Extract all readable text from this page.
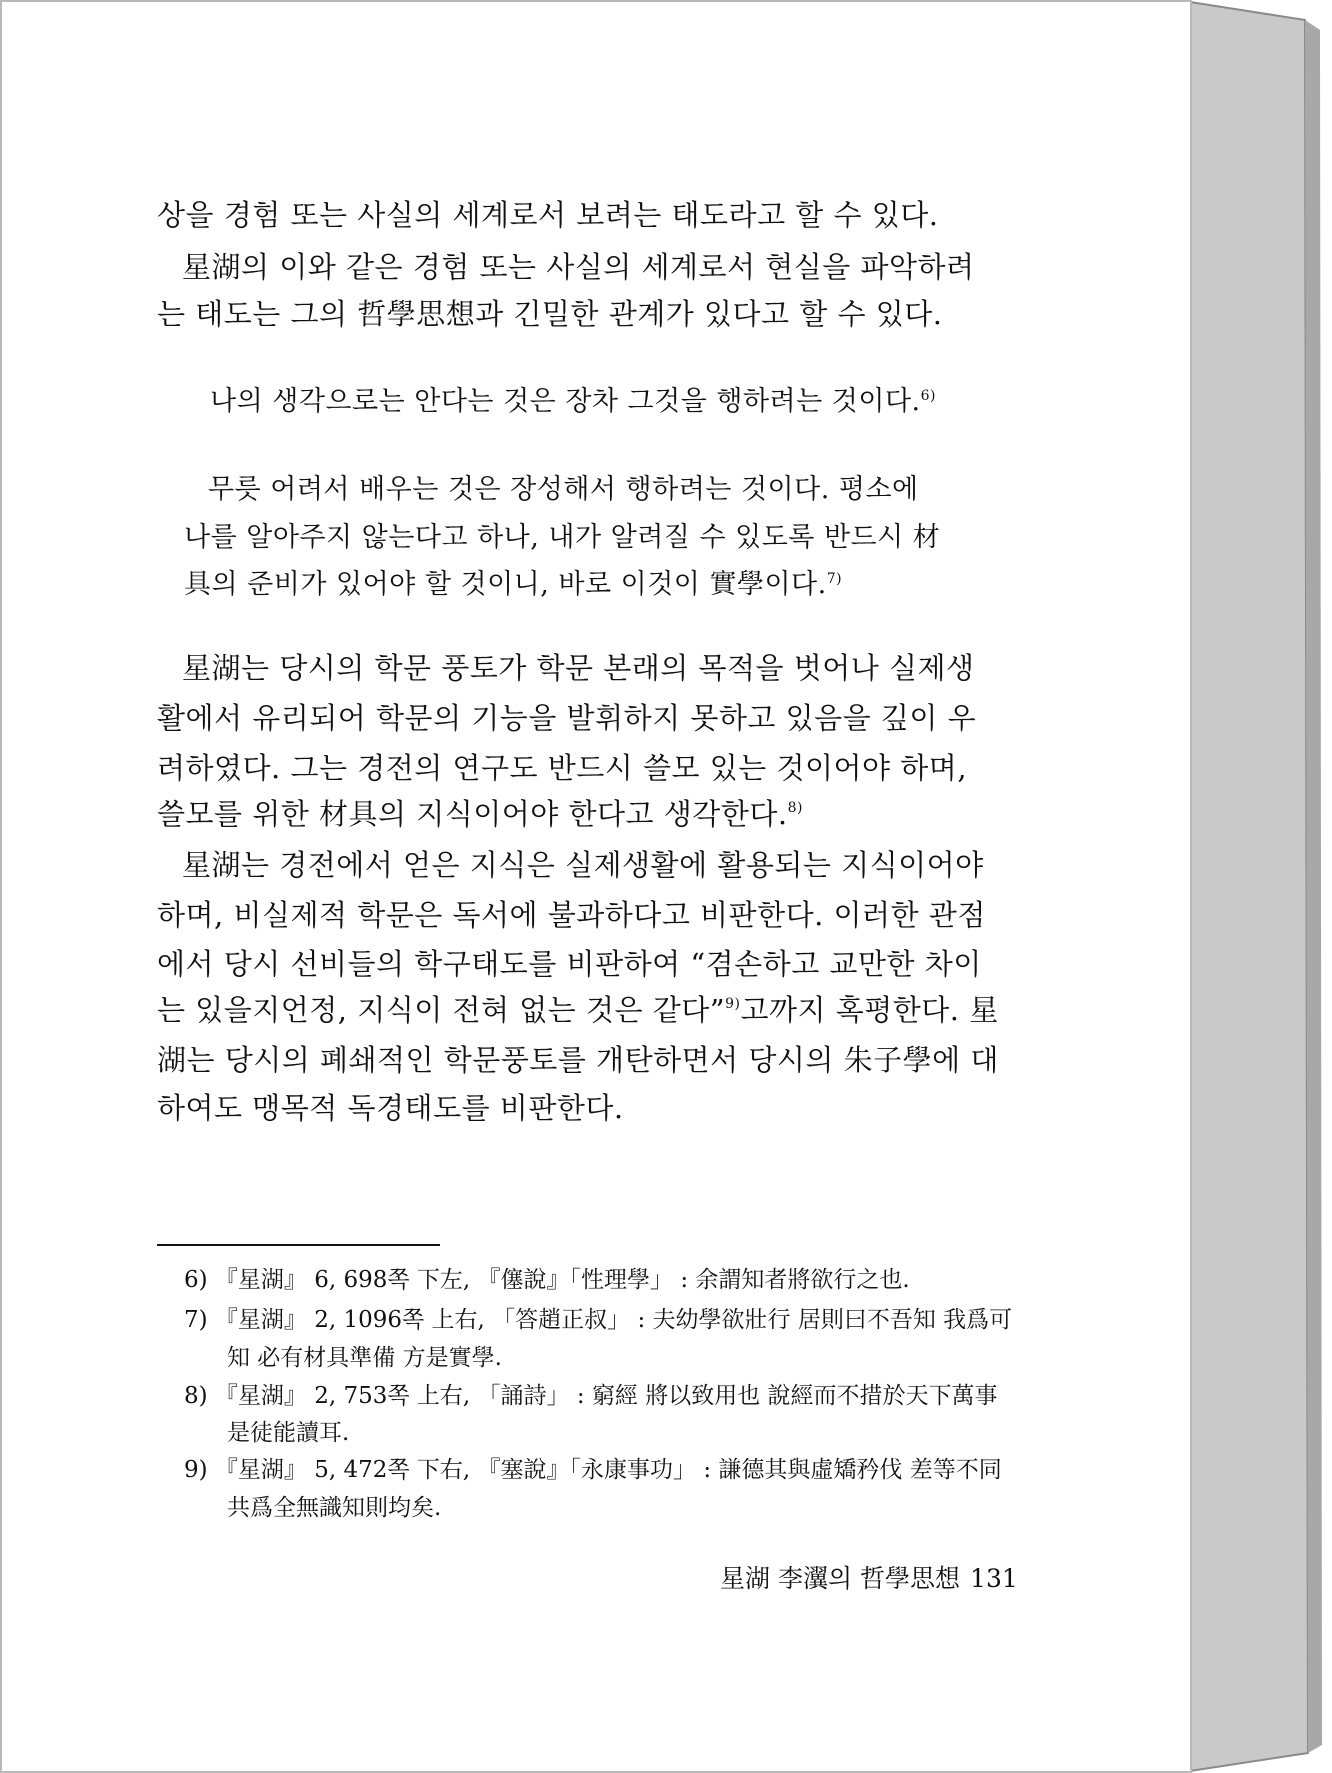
상을 경험 또는 사실의 세계로서 보려는 태도라고 할 수 있다.
星湖의 이와 같은 경험 또는 사실의 세계로서 현실을 파악하려
는 태도는 그의 哲學思想과 긴밀한 관계가 있다고 할 수 있다.
나의 생각으로는 안다는 것은 장차 그것을 행하려는 것이다.$^{6)}$
무릇 어려서 배우는 것은 장성해서 행하려는 것이다. 평소에
나를 알아주지 않는다고 하나, 내가 알려질 수 있도록 반드시 材
具의 준비가 있어야 할 것이니, 바로 이것이 實學이다.$^{7)}$
星湖는 당시의 학문 풍토가 학문 본래의 목적을 벗어나 실제생
활에서 유리되어 학문의 기능을 발휘하지 못하고 있음을 깊이 우
려하였다. 그는 경전의 연구도 반드시 쓸모 있는 것이어야 하며,
쓸모를 위한 材具의 지식이어야 한다고 생각한다.$^{8)}$
星湖는 경전에서 얻은 지식은 실제생활에 활용되는 지식이어야
하며, 비실제적 학문은 독서에 불과하다고 비판한다. 이러한 관점
에서 당시 선비들의 학구태도를 비판하여 “겸손하고 교만한 차이
는 있을지언정, 지식이 전혀 없는 것은 같다”$^{9)}$고까지 혹평한다. 星
湖는 당시의 폐쇄적인 학문풍토를 개탄하면서 당시의 朱子學에 대
하여도 맹목적 독경태도를 비판한다.
6) 『星湖』 6, 698쪽 下左, 『僿說』「性理學」 : 余謂知者將欲行之也.
7) 『星湖』 2, 1096쪽 上右, 「答趙正叔」 : 夫幼學欲壯行 居則曰不吾知 我爲可
知 必有材具準備 方是實學.
8) 『星湖』 2, 753쪽 上右, 「誦詩」 : 窮經 將以致用也 說經而不措於天下萬事
是徒能讀耳.
9) 『星湖』 5, 472쪽 下右, 『塞說』「永康事功」 : 謙德其與虛矯矜伐 差等不同
共爲全無識知則均矣.
星湖 李瀷의 哲學思想 131
